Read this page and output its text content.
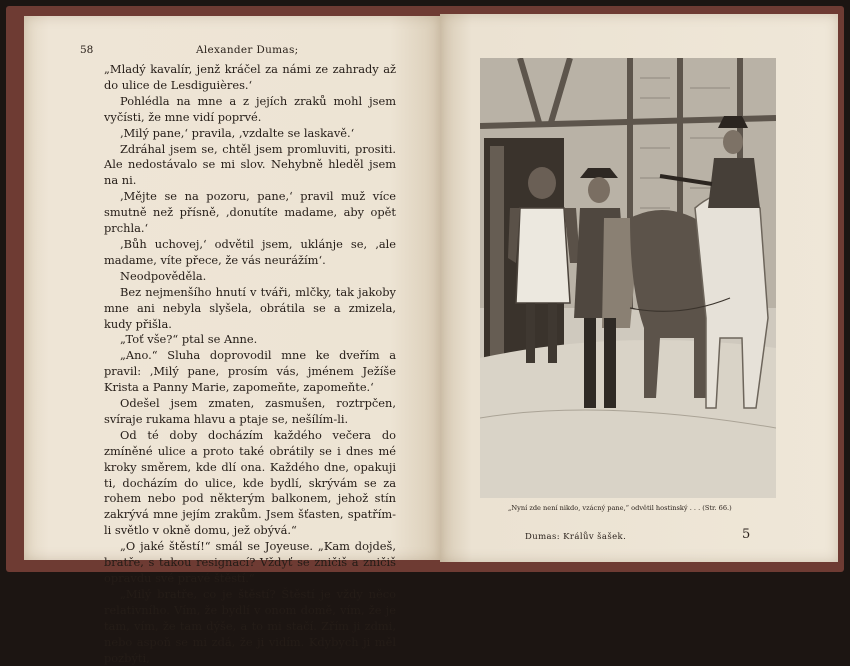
58	Alexander Dumas;

„Mladý kavalír, jenž kráčel za námi ze zahrady až do ulice de Lesdiguières.‘

Pohlédla na mne a z jejích zraků mohl jsem vyčísti, že mne vidí poprvé.

‚Milý pane,‘ pravila, ‚vzdalte se laskavě.‘

Zdráhal jsem se, chtěl jsem promluviti, prositi. Ale nedostávalo se mi slov. Nehybně hleděl jsem na ni.

‚Mějte se na pozoru, pane,‘ pravil muž více smutně než přísně, ‚donutíte madame, aby opět prchla.‘

‚Bůh uchovej,‘ odvětil jsem, uklánje se, ‚ale madame, víte přece, že vás neurážím‘.

Neodpověděla.

Bez nejmenšího hnutí v tváři, mlčky, tak jakoby mne ani nebyla slyšela, obrátila se a zmizela, kudy přišla.

„Toť vše?“ ptal se Anne.

„Ano.“ Sluha doprovodil mne ke dveřím a pravil: ‚Milý pane, prosím vás, jménem Ježíše Krista a Panny Marie, zapomeňte, zapomeňte.‘

Odešel jsem zmaten, zasmušen, roztrpčen, svíraje rukama hlavu a ptaje se, nešílím-li.

Od té doby docházím každého večera do zmíněné ulice a proto také obrátily se i dnes mé kroky směrem, kde dlí ona. Každého dne, opakuji ti, docházím do ulice, kde bydlí, skrývám se za rohem nebo pod některým balkonem, jehož stín zakrývá mne jejím zrakům. Jsem šťasten, spatřím-li světlo v okně domu, jež obývá.“

„O jaké štěstí!“ smál se Joyeuse. „Kam dojdeš, bratře, s takou resignací? Vždyť se zničiš a zničiš opravdu své pravé štěstí.“

„Milý bratře, co je štěstí? Štěstí je vždy něco relativního. Vím, že bydlí v onom domě, vím, že je tam, vím, že tam dýše, a to mi stačí. Zřím ji zdmi, nebo aspoň se mi zdá, že ji vidím. Kdybych ji měl pozbýti,

„Nyní zde není nikdo, vzácný pane,“ odvětil hostinský . . . (Str. 66.)
Dumas: Králův šašek.	5
